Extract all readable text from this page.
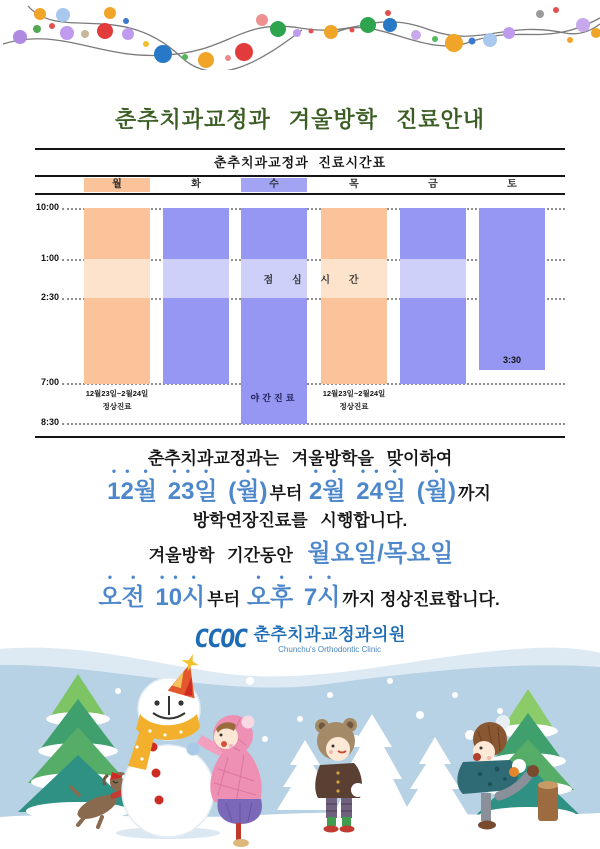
춘추치과교정과 겨울방학 진료안내
춘추치과교정과 진료시간표
월	화	수	목	금	토
10:00
1:00
2:30
7:00
8:30
점 심 시 간
야간진료
3:30
12월23일~2월24일
정상진료
12월23일~2월24일
정상진료
춘추치과교정과는 겨울방학을 맞이하여
12월 23일 (월) 부터 2월 24일 (월) 까지
방학연장진료를 시행합니다.
겨울방학 기간동안 월요일/목요일
오전 10시 부터 오후 7시 까지 정상진료합니다.
CCOC 춘추치과교정과의원
Chunchu's Orthodontic Clinic
